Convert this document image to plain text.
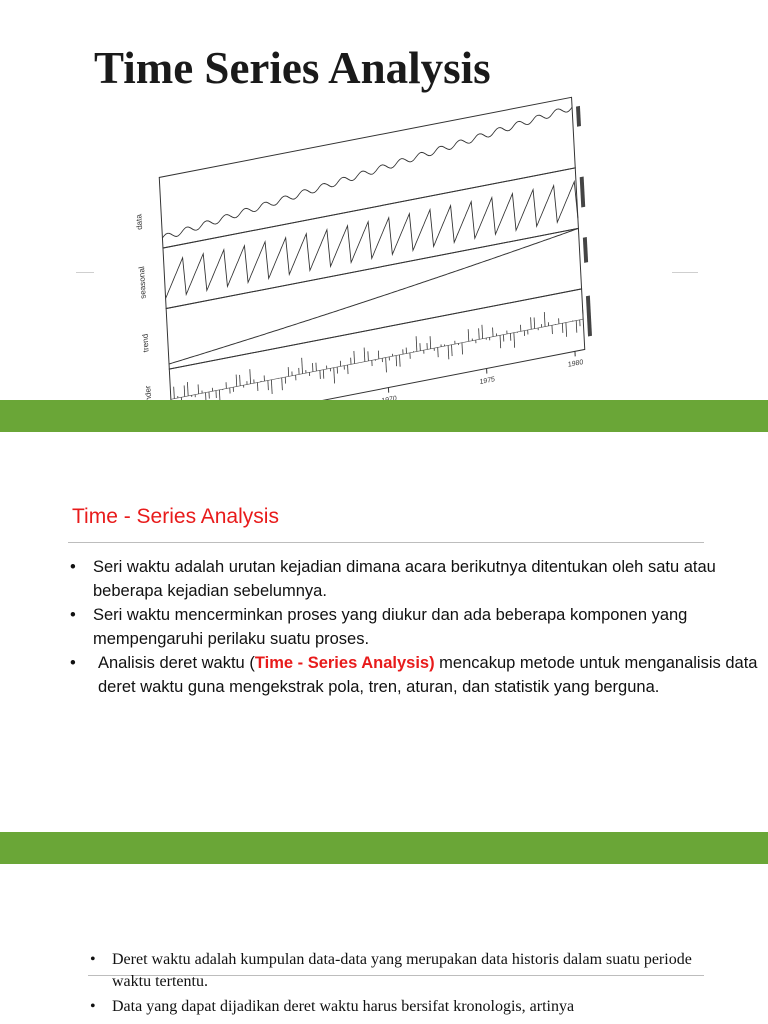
Time Series Analysis
data
seasonal
trend
1975
1980
Time - Series Analysis
•	Seri waktu adalah urutan kejadian dimana acara berikutnya ditentukan oleh satu atau beberapa kejadian sebelumnya.
•	Seri waktu mencerminkan proses yang diukur dan ada beberapa komponen yang mempengaruhi perilaku suatu proses.
•	Analisis deret waktu (Time - Series Analysis) mencakup metode untuk menganalisis data deret waktu guna mengekstrak pola, tren, aturan, dan statistik yang berguna.
•	Deret waktu adalah kumpulan data-data yang merupakan data historis dalam suatu periode waktu tertentu.
•	Data yang dapat dijadikan deret waktu harus bersifat kronologis, artinya
